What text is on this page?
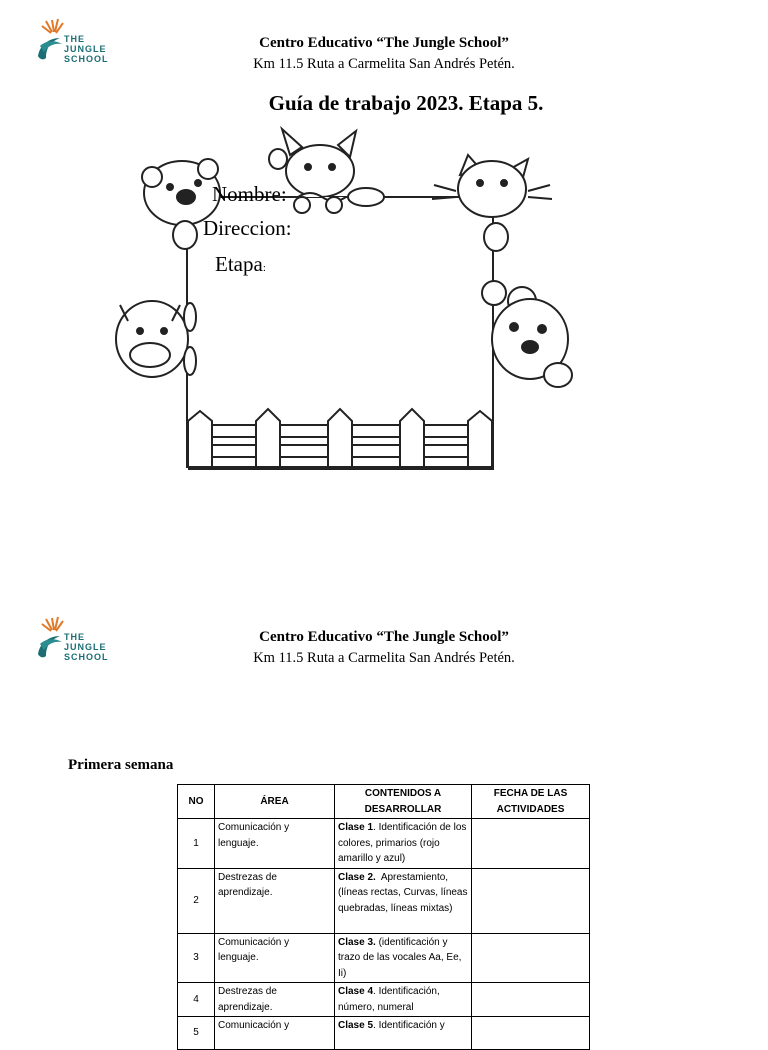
THE
JUNGLE
SCHOOL
Centro Educativo “The Jungle School”
Km 11.5 Ruta a Carmelita San Andrés Petén.
Guía de trabajo 2023. Etapa 5.
Nombre:
Direccion:
Etapa:
THE
JUNGLE
SCHOOL
Centro Educativo “The Jungle School”
Km 11.5 Ruta a Carmelita San Andrés Petén.
Primera semana
NO	ÁREA	CONTENIDOS A DESARROLLAR	FECHA DE LAS ACTIVIDADES
1	Comunicación y lenguaje.	Clase 1. Identificación de los colores, primarios (rojo amarillo y azul)	
2	Destrezas de aprendizaje.	Clase 2.  Aprestamiento, (líneas rectas, Curvas, líneas quebradas, líneas mixtas)	
3	Comunicación y lenguaje.	Clase 3. (identificación y trazo de las vocales Aa, Ee, Ii)	
4	Destrezas de aprendizaje.	Clase 4. Identificación, número, numeral	
5	Comunicación y	Clase 5. Identificación y	
